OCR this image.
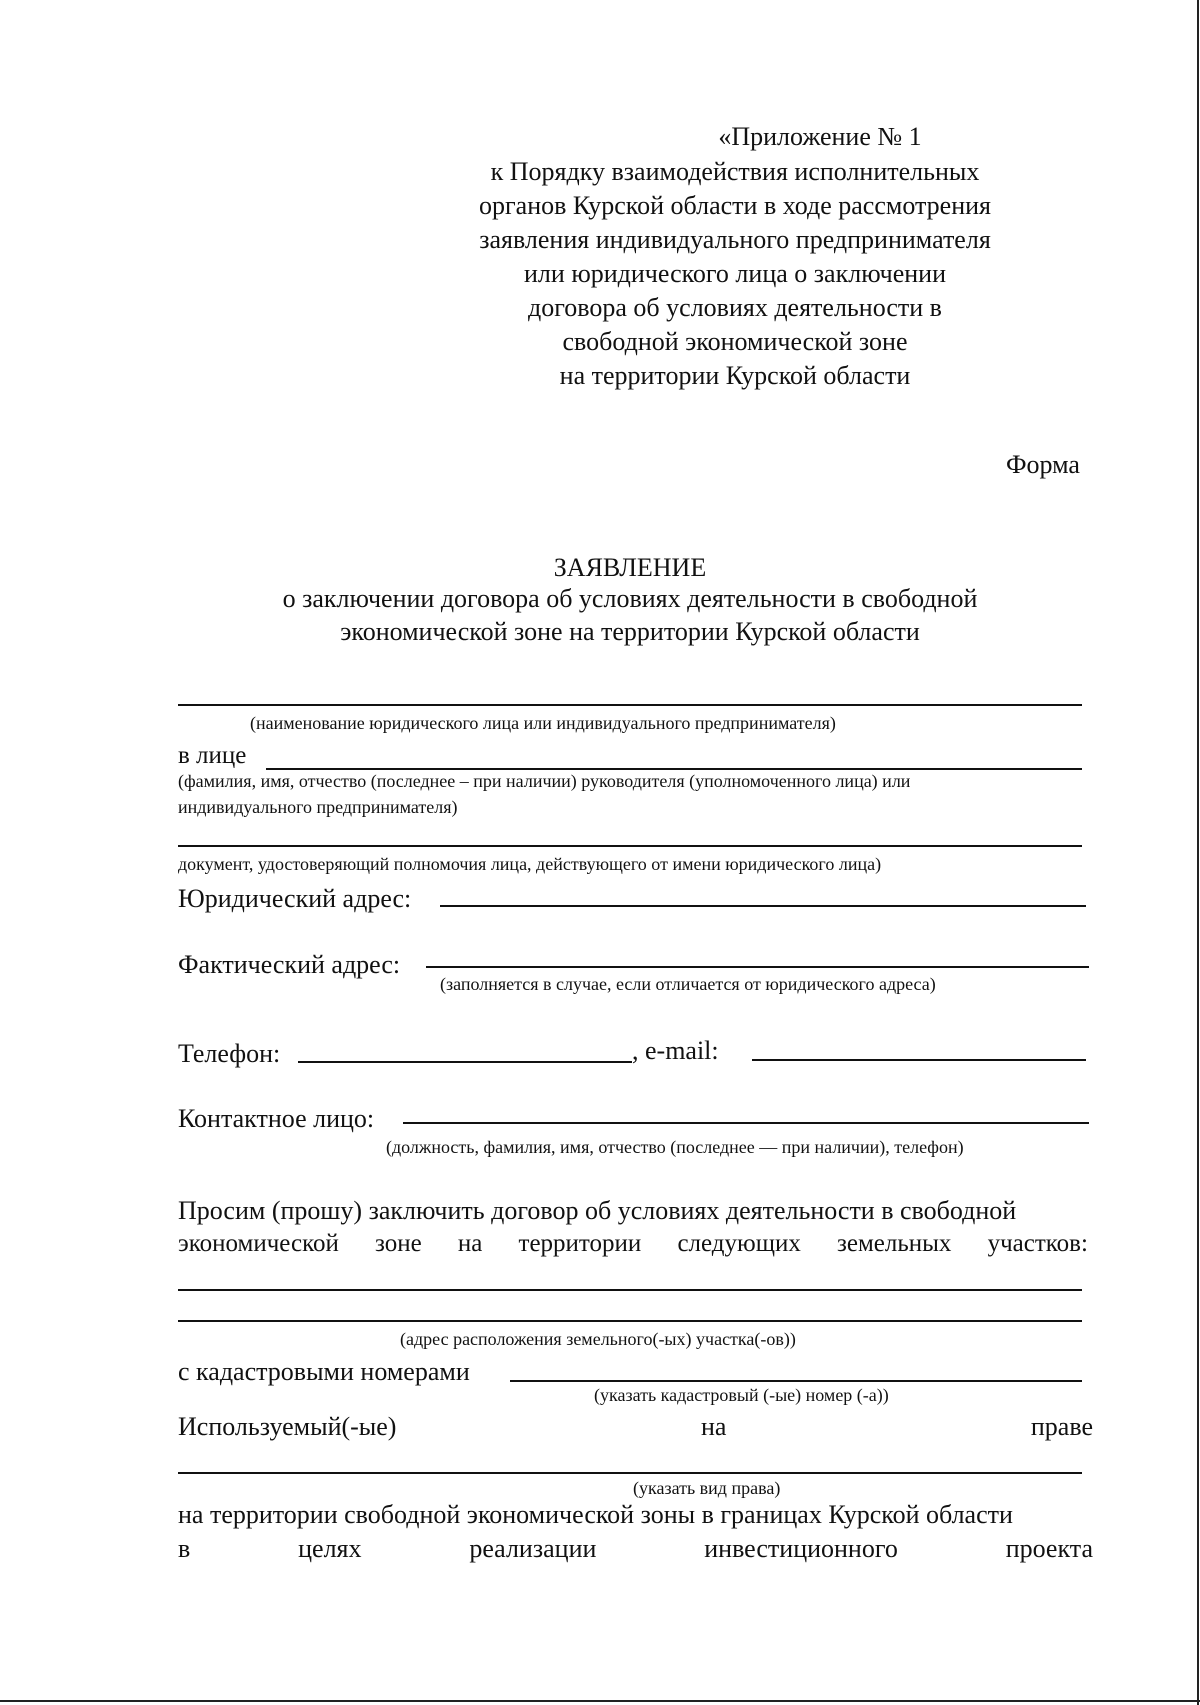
«Приложение № 1
к Порядку взаимодействия исполнительных
органов Курской области в ходе рассмотрения
заявления индивидуального предпринимателя
или юридического лица о заключении
договора об условиях деятельности в
свободной экономической зоне
на территории Курской области
Форма
ЗАЯВЛЕНИЕ
о заключении договора об условиях деятельности в свободной
экономической зоне на территории Курской области
(наименование юридического лица или индивидуального предпринимателя)
в лице
(фамилия, имя, отчество (последнее – при наличии) руководителя (уполномоченного лица) или
индивидуального предпринимателя)
документ, удостоверяющий полномочия лица, действующего от имени юридического лица)
Юридический адрес:
Фактический адрес:
(заполняется в случае, если отличается от юридического адреса)
Телефон:	, e-mail:
Контактное лицо:
(должность, фамилия, имя, отчество (последнее — при наличии), телефон)
Просим (прошу) заключить договор об условиях деятельности в свободной
экономической зоне на территории следующих земельных участков:
(адрес расположения земельного(-ых) участка(-ов))
с кадастровыми номерами
(указать кадастровый (-ые) номер (-а))
Используемый(-ые)	на	праве
(указать вид права)
на территории свободной экономической зоны в границах Курской области
в	целях	реализации	инвестиционного	проекта
